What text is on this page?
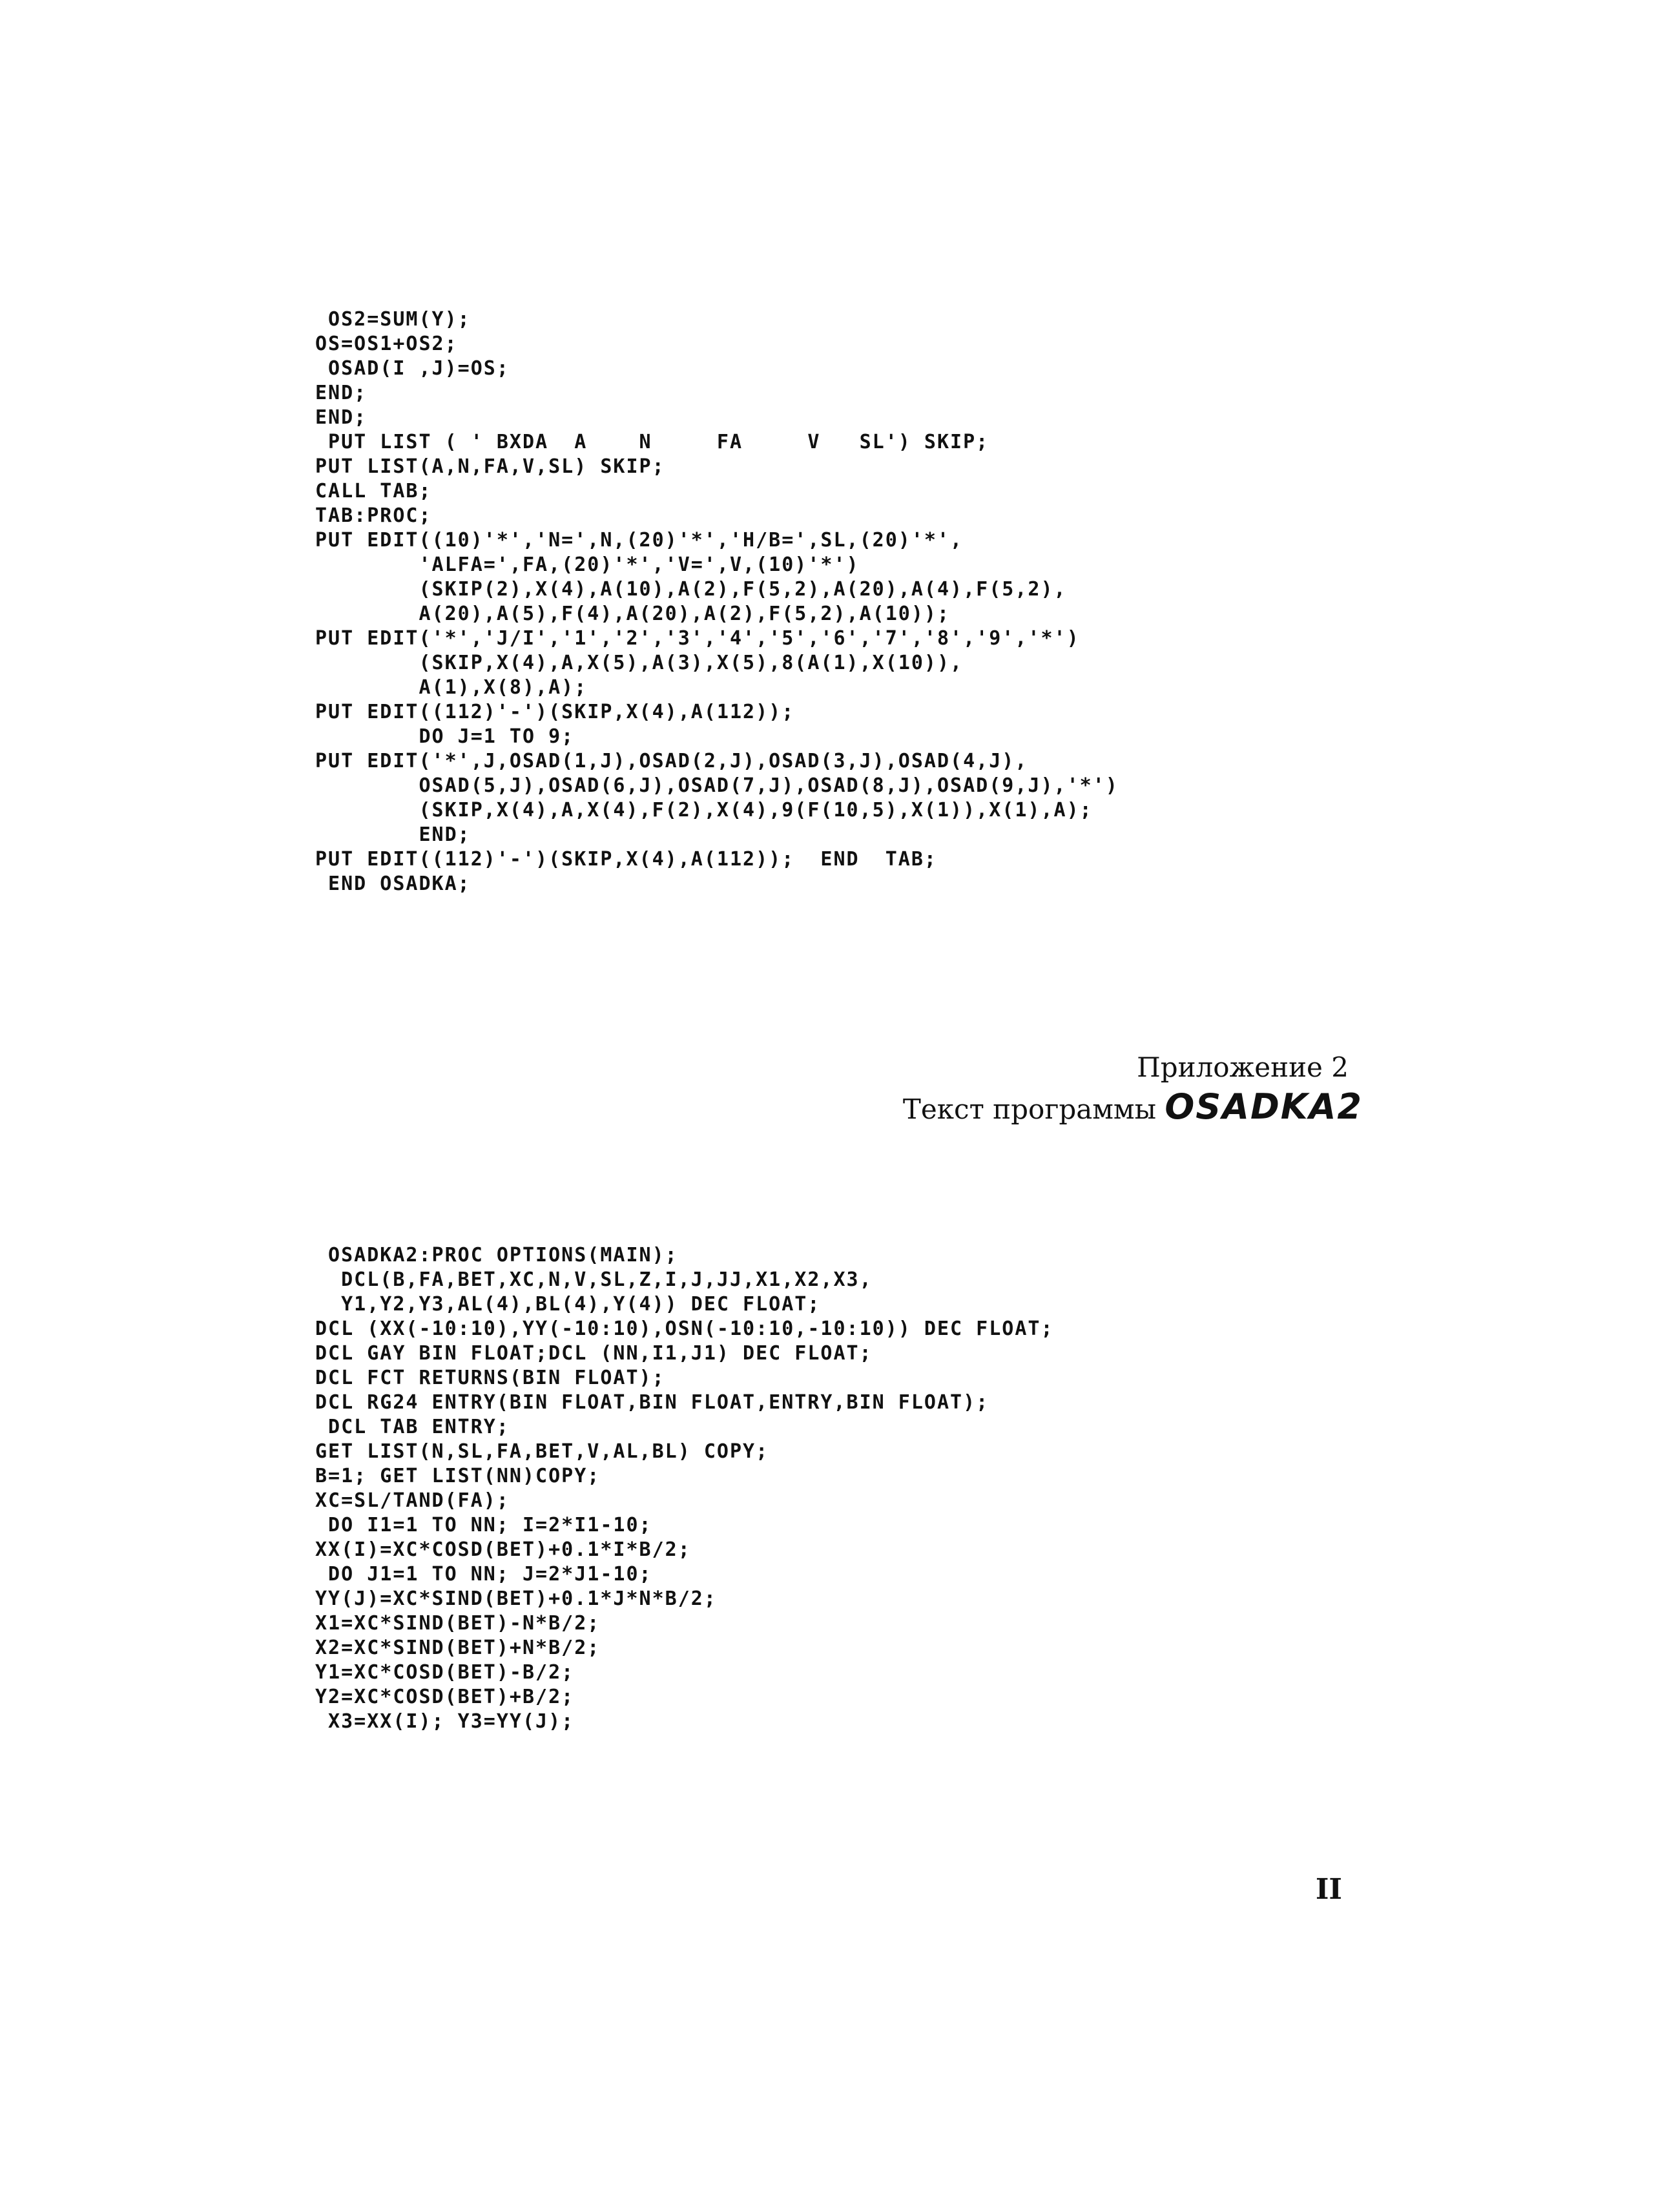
OS2=SUM(Y);
OS=OS1+OS2;
OSAD(I ,J)=OS;
END;
END;
PUT LIST ( ' BXDA  A    N     FA     V   SL') SKIP;
PUT LIST(A,N,FA,V,SL) SKIP;
CALL TAB;
TAB:PROC;
PUT EDIT((10)'*','N=',N,(20)'*','H/B=',SL,(20)'*',
'ALFA=',FA,(20)'*','V=',V,(10)'*')
(SKIP(2),X(4),A(10),A(2),F(5,2),A(20),A(4),F(5,2),
A(20),A(5),F(4),A(20),A(2),F(5,2),A(10));
PUT EDIT('*','J/I','1','2','3','4','5','6','7','8','9','*')
(SKIP,X(4),A,X(5),A(3),X(5),8(A(1),X(10)),
A(1),X(8),A);
PUT EDIT((112)'-')(SKIP,X(4),A(112));
DO J=1 TO 9;
PUT EDIT('*',J,OSAD(1,J),OSAD(2,J),OSAD(3,J),OSAD(4,J),
OSAD(5,J),OSAD(6,J),OSAD(7,J),OSAD(8,J),OSAD(9,J),'*')
(SKIP,X(4),A,X(4),F(2),X(4),9(F(10,5),X(1)),X(1),A);
END;
PUT EDIT((112)'-')(SKIP,X(4),A(112));  END  TAB;
END OSADKA;
Приложение 2
Текст программы OSADKA2
OSADKA2:PROC OPTIONS(MAIN);
DCL(B,FA,BET,XC,N,V,SL,Z,I,J,JJ,X1,X2,X3,
Y1,Y2,Y3,AL(4),BL(4),Y(4)) DEC FLOAT;
DCL (XX(-10:10),YY(-10:10),OSN(-10:10,-10:10)) DEC FLOAT;
DCL GAY BIN FLOAT;DCL (NN,I1,J1) DEC FLOAT;
DCL FCT RETURNS(BIN FLOAT);
DCL RG24 ENTRY(BIN FLOAT,BIN FLOAT,ENTRY,BIN FLOAT);
DCL TAB ENTRY;
GET LIST(N,SL,FA,BET,V,AL,BL) COPY;
B=1; GET LIST(NN)COPY;
XC=SL/TAND(FA);
DO I1=1 TO NN; I=2*I1-10;
XX(I)=XC*COSD(BET)+0.1*I*B/2;
DO J1=1 TO NN; J=2*J1-10;
YY(J)=XC*SIND(BET)+0.1*J*N*B/2;
X1=XC*SIND(BET)-N*B/2;
X2=XC*SIND(BET)+N*B/2;
Y1=XC*COSD(BET)-B/2;
Y2=XC*COSD(BET)+B/2;
X3=XX(I); Y3=YY(J);
II
